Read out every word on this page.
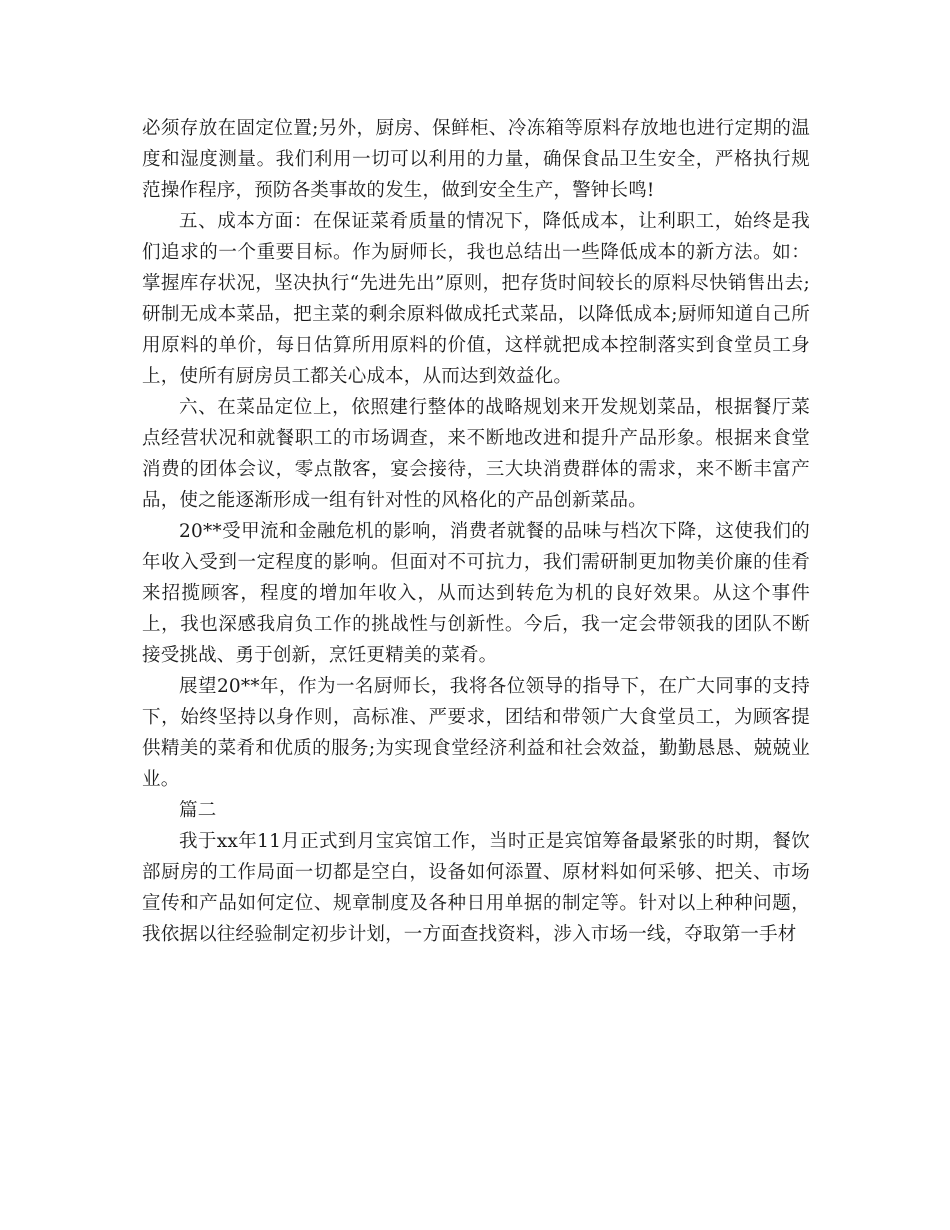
必须存放在固定位置;另外，厨房、保鲜柜、冷冻箱等原料存放地也进行定期的温度和湿度测量。我们利用一切可以利用的力量，确保食品卫生安全，严格执行规范操作程序，预防各类事故的发生，做到安全生产，警钟长鸣!

五、成本方面：在保证菜肴质量的情况下，降低成本，让利职工，始终是我们追求的一个重要目标。作为厨师长，我也总结出一些降低成本的新方法。如：掌握库存状况，坚决执行“先进先出”原则，把存货时间较长的原料尽快销售出去;研制无成本菜品，把主菜的剩余原料做成托式菜品，以降低成本;厨师知道自己所用原料的单价，每日估算所用原料的价值，这样就把成本控制落实到食堂员工身上，使所有厨房员工都关心成本，从而达到效益化。

六、在菜品定位上，依照建行整体的战略规划来开发规划菜品，根据餐厅菜点经营状况和就餐职工的市场调查，来不断地改进和提升产品形象。根据来食堂消费的团体会议，零点散客，宴会接待，三大块消费群体的需求，来不断丰富产品，使之能逐渐形成一组有针对性的风格化的产品创新菜品。

20**受甲流和金融危机的影响，消费者就餐的品味与档次下降，这使我们的年收入受到一定程度的影响。但面对不可抗力，我们需研制更加物美价廉的佳肴来招揽顾客，程度的增加年收入，从而达到转危为机的良好效果。从这个事件上，我也深感我肩负工作的挑战性与创新性。今后，我一定会带领我的团队不断接受挑战、勇于创新，烹饪更精美的菜肴。

展望20**年，作为一名厨师长，我将各位领导的指导下，在广大同事的支持下，始终坚持以身作则，高标准、严要求，团结和带领广大食堂员工，为顾客提供精美的菜肴和优质的服务;为实现食堂经济利益和社会效益，勤勤恳恳、兢兢业业。

篇二

我于xx年11月正式到月宝宾馆工作，当时正是宾馆筹备最紧张的时期，餐饮部厨房的工作局面一切都是空白，设备如何添置、原材料如何采够、把关、市场宣传和产品如何定位、规章制度及各种日用单据的制定等。针对以上种种问题，我依据以往经验制定初步计划，一方面查找资料，涉入市场一线，夺取第一手材
